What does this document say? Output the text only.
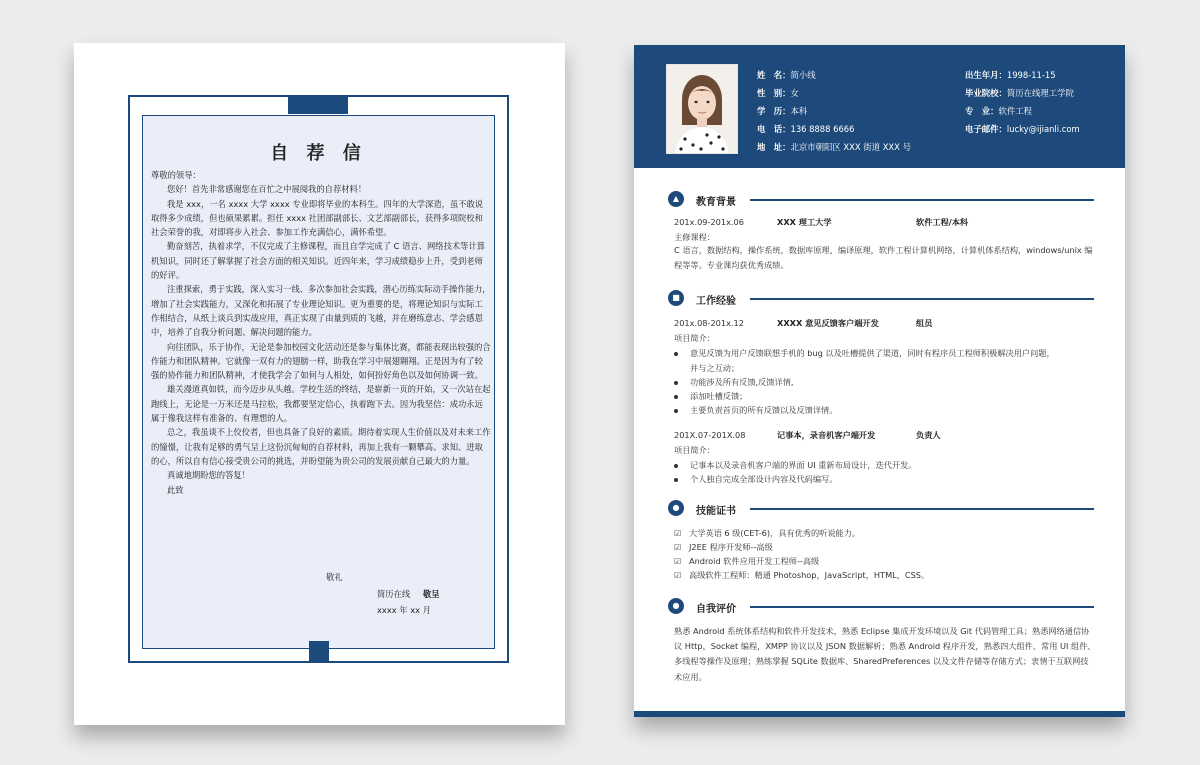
自 荐 信

尊敬的领导：

您好！首先非常感谢您在百忙之中展阅我的自荐材料！

我是 xxx，一名 xxxx 大学 xxxx 专业即将毕业的本科生。四年的大学深造，虽不敢说取得多少成绩，但也硕果累累。担任 xxxx 社团部副部长、文艺部副部长，获得多项院校和社会荣誉的我，对即将步入社会、参加工作充满信心，满怀希望。

勤奋刻苦，执着求学，不仅完成了主修课程，而且自学完成了 C 语言、网络技术等计算机知识，同时还了解掌握了社会方面的相关知识。近四年来，学习成绩稳步上升，受到老师的好评。

注重探索，勇于实践，深入实习一线、多次参加社会实践，潜心历练实际动手操作能力，增加了社会实践能力，又深化和拓展了专业理论知识。更为重要的是，将理论知识与实际工作相结合，从纸上谈兵到实战应用，真正实现了由量到质的飞越，并在磨练意志、学会感恩中，培养了自我分析问题、解决问题的能力。

向往团队，乐于协作，无论是参加校园文化活动还是参与集体比赛，都能表现出较强的合作能力和团队精神。它就像一双有力的翅膀一样，助我在学习中展翅翱翔。正是因为有了较强的协作能力和团队精神，才使我学会了如何与人相处，如何扮好角色以及如何协调一致。

雄关漫道真如铁，而今迈步从头越。学校生活的终结，是崭新一页的开始，又一次站在起跑线上，无论是一万米还是马拉松，我都要坚定信心，执着跑下去。因为我坚信：成功永远属于像我这样有准备的、有理想的人。

总之，我虽谈不上佼佼者，但也具备了良好的素质。期待着实现人生价值以及对未来工作的憧憬，让我有足够的勇气呈上这份沉甸甸的自荐材料，再加上我有一颗攀高、求知、进取的心，所以自有信心接受贵公司的挑选，并盼望能为贵公司的发展贡献自己最大的力量。

真诚地期盼您的答复！

此致

敬礼
简历在线 敬呈
xxxx 年 xx 月
姓　名：简小线
性　别：女
学　历：本科
电　话：136 8888 6666
地　址：北京市朝阳区 XXX 街道 XXX 号
出生年月：1998-11-15
毕业院校：简历在线理工学院
专　业：软件工程
电子邮件：lucky@ijianli.com
▲	教育背景
201x.09-201x.06	XXX 理工大学	软件工程/本科
主修课程：
C 语言，数据结构，操作系统，数据库原理，编译原理，软件工程计算机网络，计算机体系结构，windows/unix 编程等等。专业课均获优秀成绩。
■	工作经验
201x.08-201x.12	XXXX 意见反馈客户端开发	组员
项目简介：
意见反馈为用户反馈联想手机的 bug 以及吐槽提供了渠道，同时有程序员工程师积极解决用户问题，
并与之互动；
功能涉及所有反馈,反馈详情,
添加吐槽反馈；
主要负责首页的所有反馈以及反馈详情。
201X.07-201X.08	记事本，录音机客户端开发	负责人
项目简介：
记事本以及录音机客户端的界面 UI 重新布局设计，迭代开发。
个人独自完成全部设计内容及代码编写。
●	技能证书
☑ 大学英语 6 级(CET-6)，具有优秀的听说能力。
☑ J2EE 程序开发师--高级
☑ Android 软件应用开发工程师--高级
☑ 高级软件工程师：精通 Photoshop，JavaScript，HTML，CSS。
●	自我评价
熟悉 Android 系统体系结构和软件开发技术，熟悉 Eclipse 集成开发环境以及 Git 代码管理工具；熟悉网络通信协议 Http，Socket 编程，XMPP 协议以及 JSON 数据解析；熟悉 Android 程序开发，熟悉四大组件、常用 UI 组件、多线程等操作及原理；熟练掌握 SQLite 数据库、SharedPreferences 以及文件存储等存储方式；衷情于互联网技术应用。
